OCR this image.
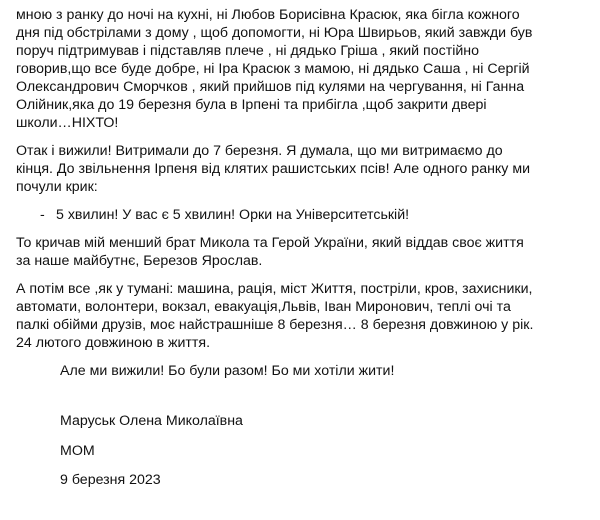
мною з ранку до ночі на кухні, ні Любов Борисівна Красюк, яка бігла кожного

дня під обстрілами з дому , щоб допомогти, ні Юра Швирьов, який завжди був

поруч підтримував і підставляв плече , ні дядько Гріша , який постійно

говорив,що все буде добре, ні Іра Красюк з мамою, ні дядько Саша , ні Сергій

Олександрович Сморчков , який прийшов під кулями на чергування, ні Ганна

Олійник,яка до 19 березня була в Ірпені та прибігла ,щоб закрити двері

школи…НІХТО!

Отак і вижили! Витримали до 7 березня. Я думала, що ми витримаємо до

кінця. До звільнення Ірпеня від клятих рашистських псів! Але одного ранку ми

почули крик:

- 5 хвилин! У вас є 5 хвилин! Орки на Університетській!

То кричав мій менший брат Микола та Герой України, який віддав своє життя

за наше майбутнє, Березов Ярослав.

А потім все ,як у тумані: машина, рація, міст Життя, постріли, кров, захисники,

автомати, волонтери, вокзал, евакуація,Львів, Іван Миронович, теплі очі та

палкі обійми друзів, моє найстрашніше 8 березня… 8 березня довжиною у рік.

24 лютого довжиною в життя.

Але ми вижили! Бо були разом! Бо ми хотіли жити!

Маруськ Олена Миколаївна

МОМ

9 березня 2023
